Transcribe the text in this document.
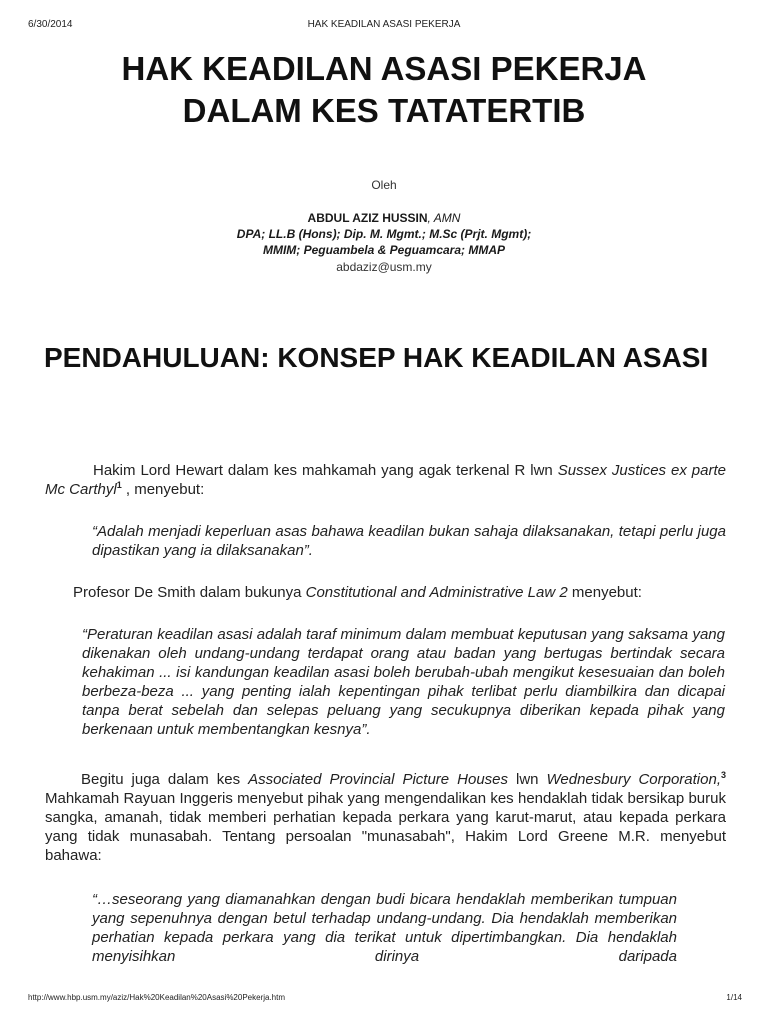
6/30/2014	HAK KEADILAN ASASI PEKERJA
HAK KEADILAN ASASI PEKERJA
DALAM KES TATATERTIB
Oleh
ABDUL AZIZ HUSSIN, AMN
DPA; LL.B (Hons); Dip. M. Mgmt.; M.Sc (Prjt. Mgmt);
MMIM; Peguambela & Peguamcara; MMAP
abdaziz@usm.my
PENDAHULUAN: KONSEP HAK KEADILAN ASASI
Hakim Lord Hewart dalam kes mahkamah yang agak terkenal R lwn Sussex Justices ex parte Mc Carthyl$^1$ , menyebut:
“Adalah menjadi keperluan asas bahawa keadilan bukan sahaja dilaksanakan, tetapi perlu juga dipastikan yang ia dilaksanakan”.
Profesor De Smith dalam bukunya Constitutional and Administrative Law 2 menyebut:
“Peraturan keadilan asasi adalah taraf minimum dalam membuat keputusan yang saksama yang dikenakan oleh undang-undang terdapat orang atau badan yang bertugas bertindak secara kehakiman ... isi kandungan keadilan asasi boleh berubah-ubah mengikut kesesuaian dan boleh berbeza-beza ... yang penting ialah kepentingan pihak terlibat perlu diambilkira dan dicapai tanpa berat sebelah dan selepas peluang yang secukupnya diberikan kepada pihak yang berkenaan untuk membentangkan kesnya”.
Begitu juga dalam kes Associated Provincial Picture Houses lwn Wednesbury Corporation,$^3$ Mahkamah Rayuan Inggeris menyebut pihak yang mengendalikan kes hendaklah tidak bersikap buruk sangka, amanah, tidak memberi perhatian kepada perkara yang karut-marut, atau kepada perkara yang tidak munasabah. Tentang persoalan "munasabah", Hakim Lord Greene M.R. menyebut bahawa:
“…seseorang yang diamanahkan dengan budi bicara hendaklah memberikan tumpuan yang sepenuhnya dengan betul terhadap undang-undang. Dia hendaklah memberikan perhatian kepada perkara yang dia terikat untuk dipertimbangkan. Dia hendaklah menyisihkan dirinya daripada
http://www.hbp.usm.my/aziz/Hak%20Keadilan%20Asasi%20Pekerja.htm	1/14
